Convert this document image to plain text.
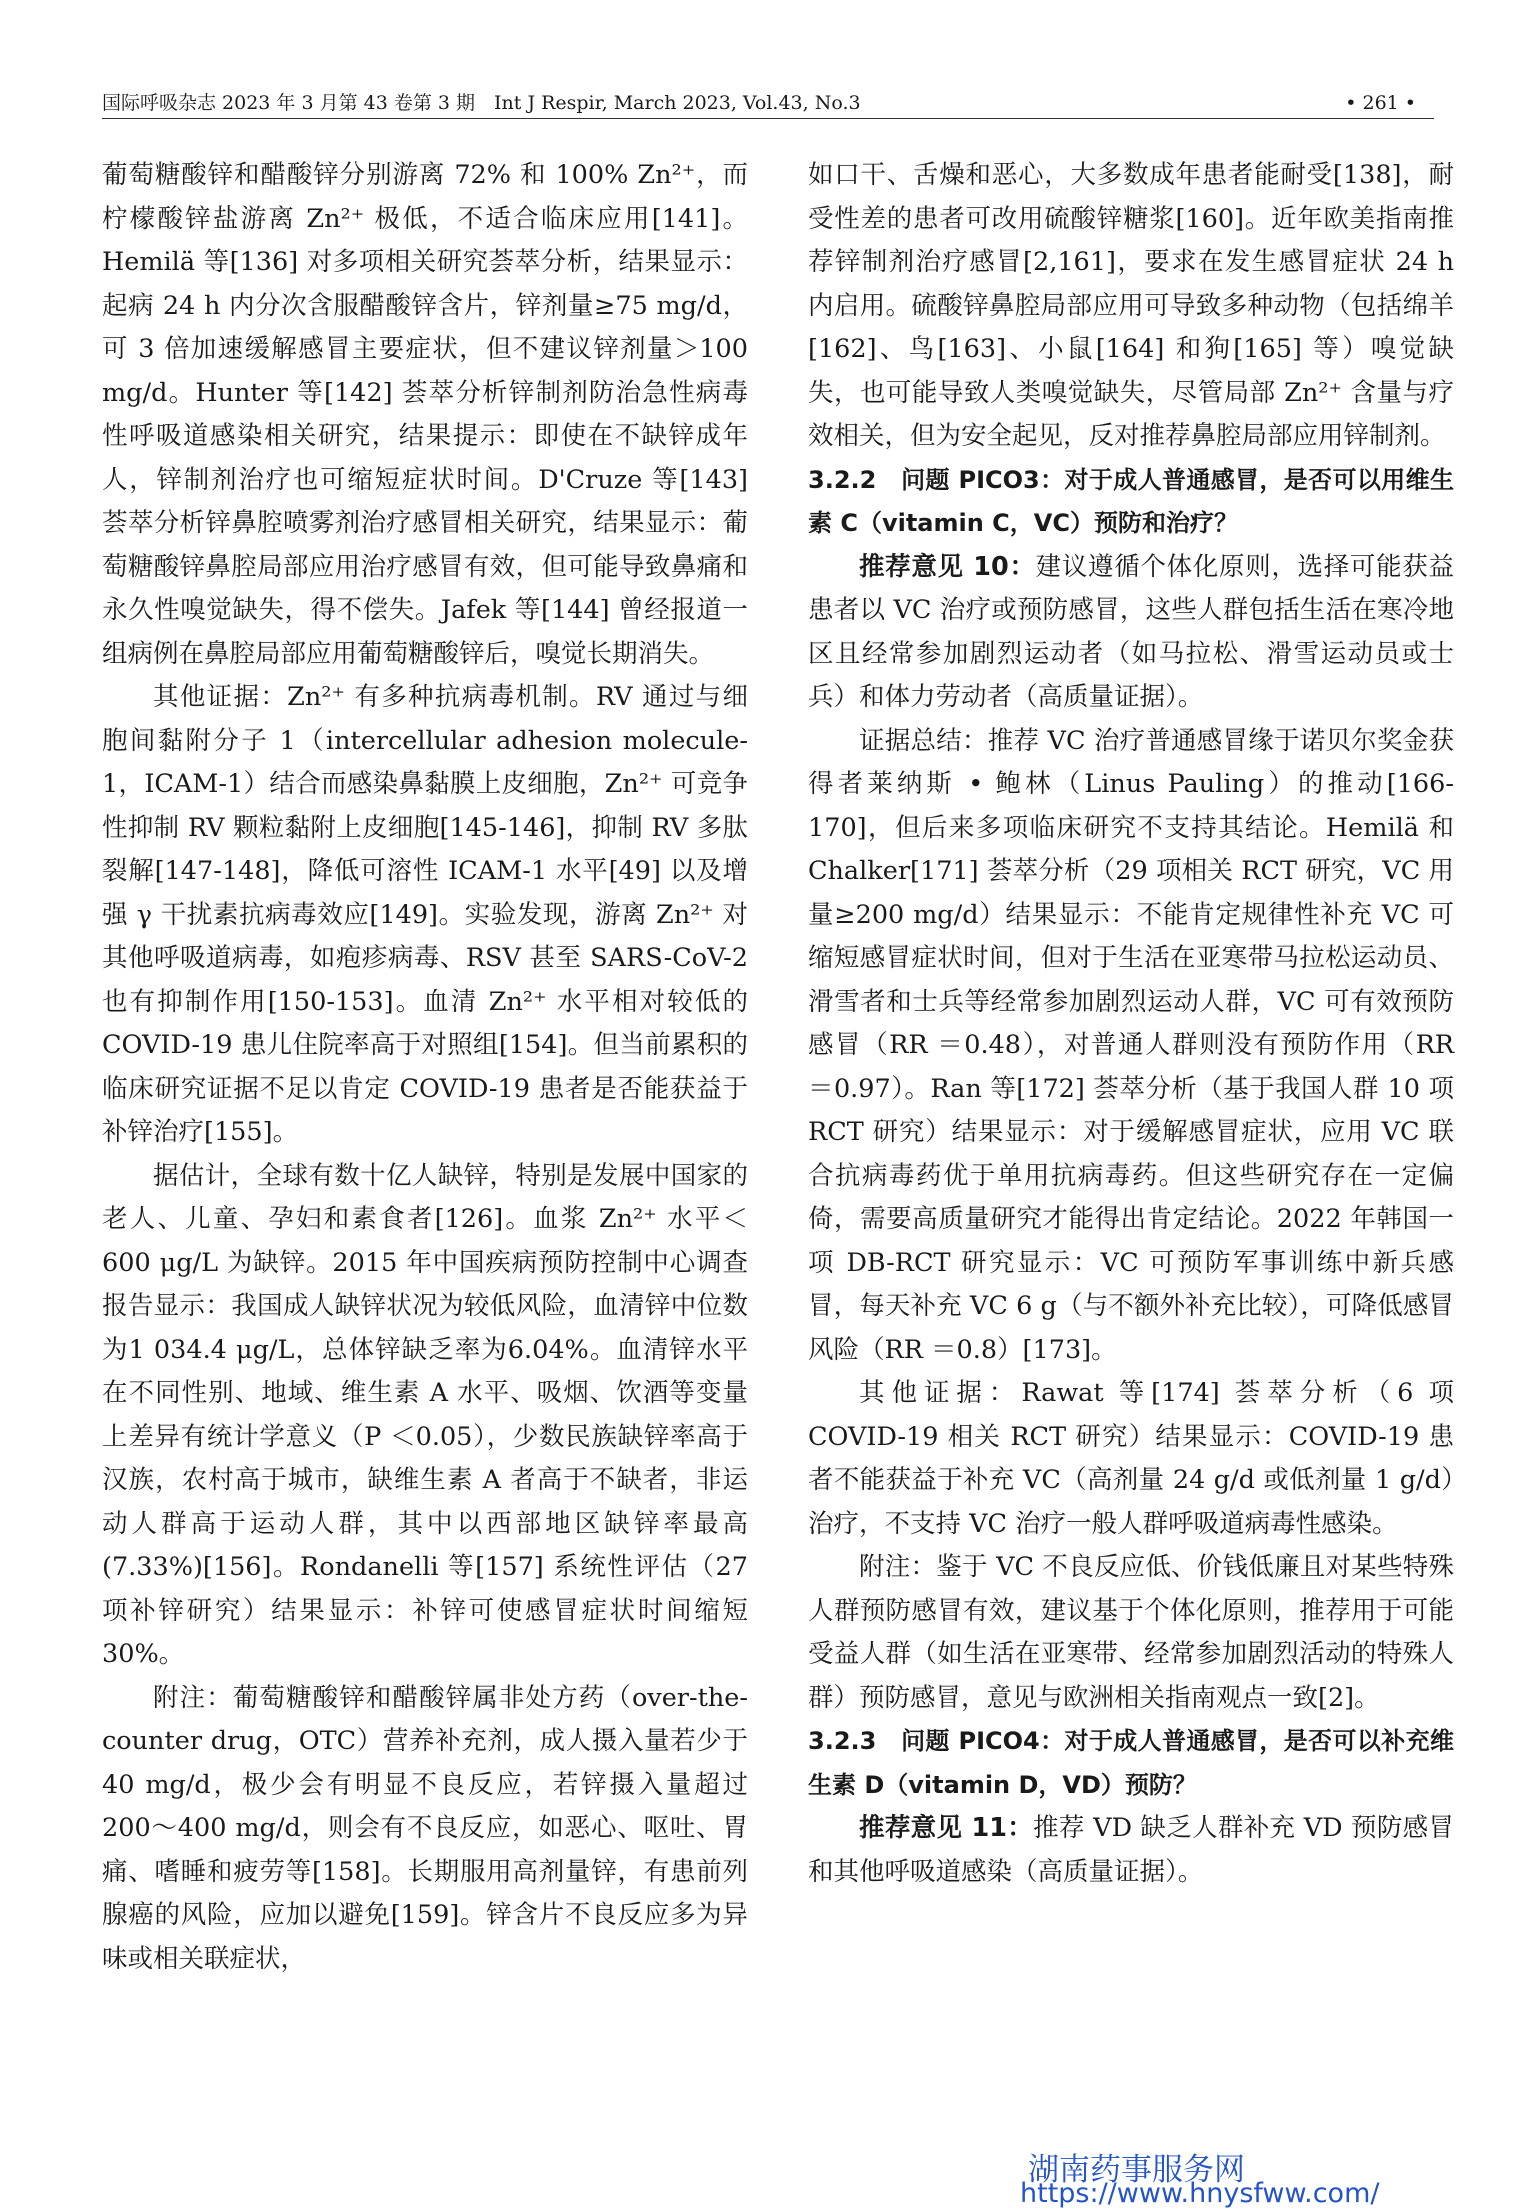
国际呼吸杂志 2023 年 3 月第 43 卷第 3 期　Int J Respir, March 2023, Vol.43, No.3	• 261 •

葡萄糖酸锌和醋酸锌分别游离 72% 和 100% Zn²⁺，而柠檬酸锌盐游离 Zn²⁺ 极低，不适合临床应用[141]。Hemilä 等[136] 对多项相关研究荟萃分析，结果显示：起病 24 h 内分次含服醋酸锌含片，锌剂量≥75 mg/d，可 3 倍加速缓解感冒主要症状，但不建议锌剂量＞100 mg/d。Hunter 等[142] 荟萃分析锌制剂防治急性病毒性呼吸道感染相关研究，结果提示：即使在不缺锌成年人，锌制剂治疗也可缩短症状时间。D'Cruze 等[143] 荟萃分析锌鼻腔喷雾剂治疗感冒相关研究，结果显示：葡萄糖酸锌鼻腔局部应用治疗感冒有效，但可能导致鼻痛和永久性嗅觉缺失，得不偿失。Jafek 等[144] 曾经报道一组病例在鼻腔局部应用葡萄糖酸锌后，嗅觉长期消失。

其他证据：Zn²⁺ 有多种抗病毒机制。RV 通过与细胞间黏附分子 1（intercellular adhesion molecule-1，ICAM-1）结合而感染鼻黏膜上皮细胞，Zn²⁺ 可竞争性抑制 RV 颗粒黏附上皮细胞[145-146]，抑制 RV 多肽裂解[147-148]，降低可溶性 ICAM-1 水平[49] 以及增强 γ 干扰素抗病毒效应[149]。实验发现，游离 Zn²⁺ 对其他呼吸道病毒，如疱疹病毒、RSV 甚至 SARS-CoV-2 也有抑制作用[150-153]。血清 Zn²⁺ 水平相对较低的 COVID-19 患儿住院率高于对照组[154]。但当前累积的临床研究证据不足以肯定 COVID-19 患者是否能获益于补锌治疗[155]。

据估计，全球有数十亿人缺锌，特别是发展中国家的老人、儿童、孕妇和素食者[126]。血浆 Zn²⁺ 水平＜600 μg/L 为缺锌。2015 年中国疾病预防控制中心调查报告显示：我国成人缺锌状况为较低风险，血清锌中位数为1 034.4 μg/L，总体锌缺乏率为6.04%。血清锌水平在不同性别、地域、维生素 A 水平、吸烟、饮酒等变量上差异有统计学意义（P ＜0.05），少数民族缺锌率高于汉族，农村高于城市，缺维生素 A 者高于不缺者，非运动人群高于运动人群，其中以西部地区缺锌率最高(7.33%)[156]。Rondanelli 等[157] 系统性评估（27 项补锌研究）结果显示：补锌可使感冒症状时间缩短 30%。

附注：葡萄糖酸锌和醋酸锌属非处方药（over-the-counter drug，OTC）营养补充剂，成人摄入量若少于 40 mg/d，极少会有明显不良反应，若锌摄入量超过 200～400 mg/d，则会有不良反应，如恶心、呕吐、胃痛、嗜睡和疲劳等[158]。长期服用高剂量锌，有患前列腺癌的风险，应加以避免[159]。锌含片不良反应多为异味或相关联症状，

如口干、舌燥和恶心，大多数成年患者能耐受[138]，耐受性差的患者可改用硫酸锌糖浆[160]。近年欧美指南推荐锌制剂治疗感冒[2,161]，要求在发生感冒症状 24 h 内启用。硫酸锌鼻腔局部应用可导致多种动物（包括绵羊[162]、鸟[163]、小鼠[164] 和狗[165] 等）嗅觉缺失，也可能导致人类嗅觉缺失，尽管局部 Zn²⁺ 含量与疗效相关，但为安全起见，反对推荐鼻腔局部应用锌制剂。

3.2.2　问题 PICO3：对于成人普通感冒，是否可以用维生素 C（vitamin C，VC）预防和治疗？

推荐意见 10：建议遵循个体化原则，选择可能获益患者以 VC 治疗或预防感冒，这些人群包括生活在寒冷地区且经常参加剧烈运动者（如马拉松、滑雪运动员或士兵）和体力劳动者（高质量证据）。

证据总结：推荐 VC 治疗普通感冒缘于诺贝尔奖金获得者莱纳斯 • 鲍林（Linus Pauling）的推动[166-170]，但后来多项临床研究不支持其结论。Hemilä 和 Chalker[171] 荟萃分析（29 项相关 RCT 研究，VC 用量≥200 mg/d）结果显示：不能肯定规律性补充 VC 可缩短感冒症状时间，但对于生活在亚寒带马拉松运动员、滑雪者和士兵等经常参加剧烈运动人群，VC 可有效预防感冒（RR ＝0.48），对普通人群则没有预防作用（RR ＝0.97）。Ran 等[172] 荟萃分析（基于我国人群 10 项 RCT 研究）结果显示：对于缓解感冒症状，应用 VC 联合抗病毒药优于单用抗病毒药。但这些研究存在一定偏倚，需要高质量研究才能得出肯定结论。2022 年韩国一项 DB-RCT 研究显示：VC 可预防军事训练中新兵感冒，每天补充 VC 6 g（与不额外补充比较），可降低感冒风险（RR ＝0.8）[173]。

其他证据：Rawat 等[174] 荟萃分析（6 项 COVID-19 相关 RCT 研究）结果显示：COVID-19 患者不能获益于补充 VC（高剂量 24 g/d 或低剂量 1 g/d）治疗，不支持 VC 治疗一般人群呼吸道病毒性感染。

附注：鉴于 VC 不良反应低、价钱低廉且对某些特殊人群预防感冒有效，建议基于个体化原则，推荐用于可能受益人群（如生活在亚寒带、经常参加剧烈活动的特殊人群）预防感冒，意见与欧洲相关指南观点一致[2]。

3.2.3　问题 PICO4：对于成人普通感冒，是否可以补充维生素 D（vitamin D，VD）预防？

推荐意见 11：推荐 VD 缺乏人群补充 VD 预防感冒和其他呼吸道感染（高质量证据）。

湖南药事服务网
https://www.hnysfww.com/
